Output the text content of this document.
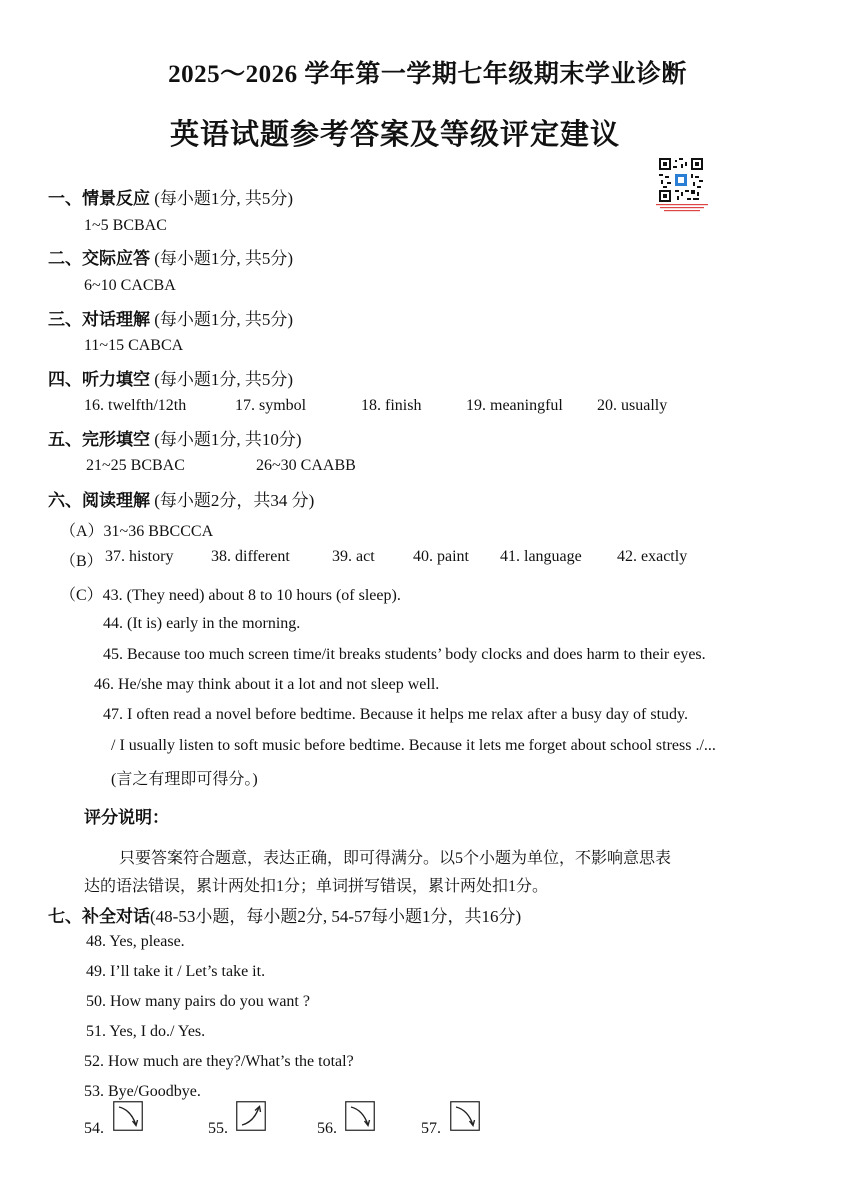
2025～2026 学年第一学期七年级期末学业诊断
英语试题参考答案及等级评定建议
一、情景反应 (每小题1分, 共5分)
1~5 BCBAC
二、交际应答 (每小题1分, 共5分)
6~10 CACBA
三、对话理解 (每小题1分, 共5分)
11~15 CABCA
四、听力填空 (每小题1分, 共5分)
16. twelfth/12th	17. symbol	18. finish	19. meaningful 20. usually
五、完形填空 (每小题1分, 共10分)
21~25 BCBAC	26~30 CAABB
六、阅读理解 (每小题2分，共34 分)
（A）31~36 BBCCCA
（B） 37. history 38. different	39. act 40. paint 41. language 42. exactly
（C）43. (They need) about 8 to 10 hours (of sleep).
44. (It is) early in the morning.
45. Because too much screen time/it breaks students’ body clocks and does harm to their eyes.
46. He/she may think about it a lot and not sleep well.
47. I often read a novel before bedtime. Because it helps me relax after a busy day of study.
/ I usually listen to soft music before bedtime. Because it lets me forget about school stress ./...
(言之有理即可得分。)
评分说明：
只要答案符合题意，表达正确，即可得满分。以5个小题为单位，不影响意思表
达的语法错误，累计两处扣1分；单词拼写错误，累计两处扣1分。
七、补全对话(48-53小题，每小题2分, 54-57每小题1分，共16分)
48. Yes, please.
49. I’ll take it / Let’s take it.
50. How many pairs do you want ?
51. Yes, I do./ Yes.
52. How much are they?/What’s the total?
53. Bye/Goodbye.
54.	55.	56.	57.
